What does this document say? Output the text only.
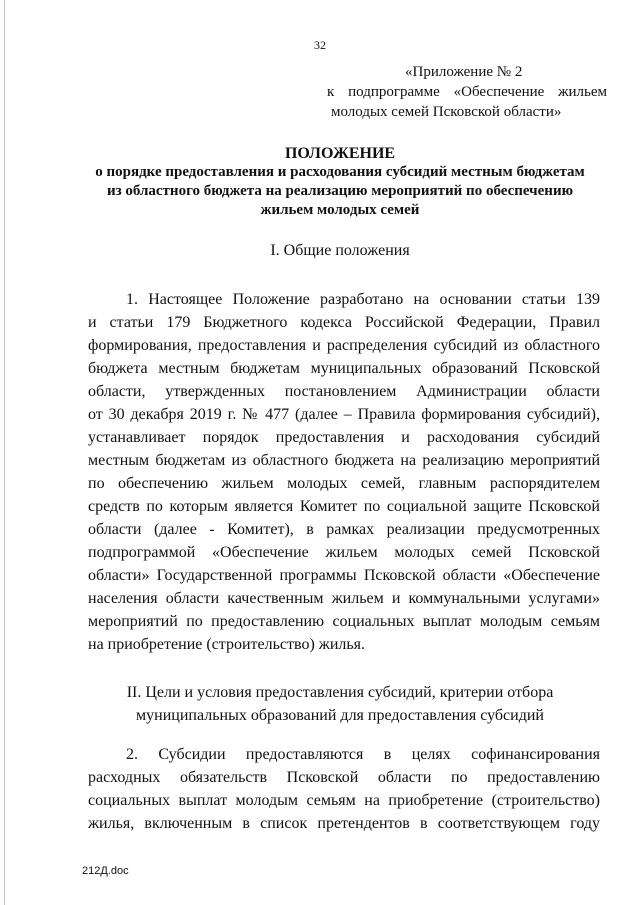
32
«Приложение № 2
к подпрограмме «Обеспечение жильем
молодых семей Псковской области»
ПОЛОЖЕНИЕ
о порядке предоставления и расходования субсидий местным бюджетам
из областного бюджета на реализацию мероприятий по обеспечению
жильем молодых семей
I. Общие положения
1. Настоящее Положение разработано на основании статьи 139
и статьи 179 Бюджетного кодекса Российской Федерации, Правил
формирования, предоставления и распределения субсидий из областного
бюджета местным бюджетам муниципальных образований Псковской
области, утвержденных постановлением Администрации области
от 30 декабря 2019 г. № 477 (далее – Правила формирования субсидий),
устанавливает порядок предоставления и расходования субсидий
местным бюджетам из областного бюджета на реализацию мероприятий
по обеспечению жильем молодых семей, главным распорядителем
средств по которым является Комитет по социальной защите Псковской
области (далее - Комитет), в рамках реализации предусмотренных
подпрограммой «Обеспечение жильем молодых семей Псковской
области» Государственной программы Псковской области «Обеспечение
населения области качественным жильем и коммунальными услугами»
мероприятий по предоставлению социальных выплат молодым семьям
на приобретение (строительство) жилья.
II. Цели и условия предоставления субсидий, критерии отбора
муниципальных образований для предоставления субсидий
2. Субсидии предоставляются в целях софинансирования
расходных обязательств Псковской области по предоставлению
социальных выплат молодым семьям на приобретение (строительство)
жилья, включенным в список претендентов в соответствующем году
212Д.doc
